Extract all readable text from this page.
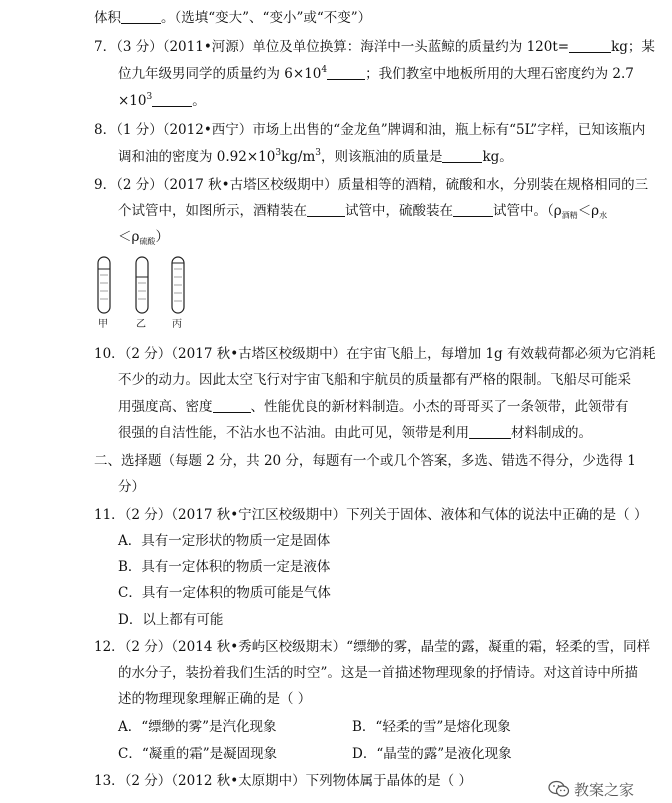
体积	。（选填“变大”、“变小”或“不变”）
7．（3 分）（2011•河源）单位及单位换算：海洋中一头蓝鲸的质量约为 120t=	kg；某
位九年级男同学的质量约为 $6\times 10^4$	；我们教室中地板所用的大理石密度约为 2.7
$\times 10^3$	。
8．（1 分）（2012•西宁）市场上出售的“金龙鱼”牌调和油，瓶上标有“5L”字样，已知该瓶内
调和油的密度为 $0.92\times 10^3kg/m^3$，则该瓶油的质量是	kg。
9．（2 分）（2017 秋•古塔区校级期中）质量相等的酒精，硫酸和水，分别装在规格相同的三
个试管中，如图所示，酒精装在	试管中，硫酸装在	试管中。（$\rho_{酒精}<\rho_水$
$<\rho_{硫酸}$）
甲	乙	丙
10．（2 分）（2017 秋•古塔区校级期中）在宇宙飞船上，每增加 1g 有效载荷都必须为它消耗
不少的动力。因此太空飞行对宇宙飞船和宇航员的质量都有严格的限制。飞船尽可能采
用强度高、密度	、性能优良的新材料制造。小杰的哥哥买了一条领带，此领带有
很强的自洁性能，不沾水也不沾油。由此可见，领带是利用	材料制成的。
二、选择题（每题 2 分，共 20 分，每题有一个或几个答案，多选、错选不得分，少选得 1
分）
11．（2 分）（2017 秋•宁江区校级期中）下列关于固体、液体和气体的说法中正确的是（ ）
A．具有一定形状的物质一定是固体
B．具有一定体积的物质一定是液体
C．具有一定体积的物质可能是气体
D．以上都有可能
12．（2 分）（2014 秋•秀屿区校级期末）“缥缈的雾，晶莹的露，凝重的霜，轻柔的雪，同样
的水分子，装扮着我们生活的时空”。这是一首描述物理现象的抒情诗。对这首诗中所描
述的物理现象理解正确的是（ ）
A．“缥缈的雾”是汽化现象	B．“轻柔的雪”是熔化现象
C．“凝重的霜”是凝固现象	D．“晶莹的露”是液化现象
13．（2 分）（2012 秋•太原期中）下列物体属于晶体的是（ ）	教案之家
